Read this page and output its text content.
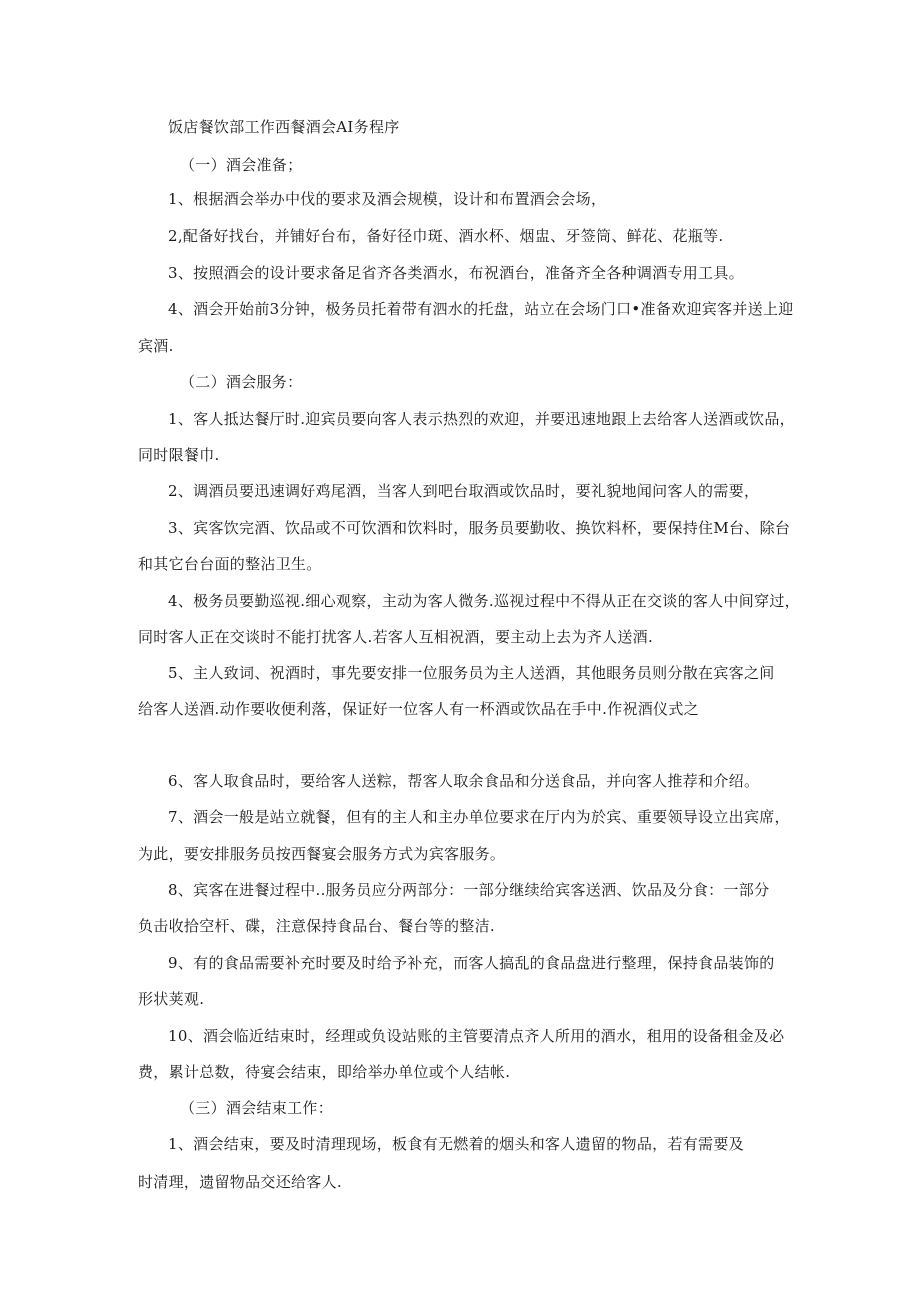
饭店餐饮部工作西餐酒会AI务程序
（一）酒会准备；
1、根据酒会举办中伐的要求及酒会规模，设计和布置酒会会场，
2,配备好找台，并铺好台布，备好径巾斑、酒水杯、烟盅、牙签筒、鲜花、花瓶等.
3、按照酒会的设计要求备足省齐各类酒水，布祝酒台，准备齐全各种调酒专用工具。
4、酒会开始前3分钟，极务员托着带有泗水的托盘，站立在会场门口•准备欢迎宾客并送上迎
宾酒.
（二）酒会服务：
1、客人抵达餐厅时.迎宾员要向客人表示热烈的欢迎，并要迅速地跟上去给客人送酒或饮品，
同时限餐巾.
2、调酒员要迅速调好鸡尾酒，当客人到吧台取酒或饮品时，要礼貌地闻问客人的需要，
3、宾客饮完酒、饮品或不可饮酒和饮料时，服务员要勤收、换饮料杯，要保持住M台、除台
和其它台台面的整沾卫生。
4、极务员要勤巡视.细心观察，主动为客人微务.巡视过程中不得从正在交谈的客人中间穿过，
同时客人正在交谈时不能打扰客人.若客人互相祝酒，要主动上去为齐人送酒.
5、主人致词、祝酒时，事先要安排一位服务员为主人送酒，其他眼务员则分散在宾客之间
给客人送酒.动作要收便利落，保证好一位客人有一杯酒或饮品在手中.作祝酒仪式之
6、客人取食品时，要给客人送粽，帮客人取余食品和分送食品，并向客人推荐和介绍。
7、酒会一般是站立就餐，但有的主人和主办单位要求在厅内为於宾、重要领导设立出宾席，
为此，要安排服务员按西餐宴会服务方式为宾客服务。
8、宾客在进餐过程中..服务员应分两部分：一部分继续给宾客送洒、饮品及分食：一部分
负击收拾空杆、碟，注意保持食品台、餐台等的整洁.
9、有的食品需要补充时要及时给予补充，而客人搞乱的食品盘进行整理，保持食品装饰的
形状荚观.
10、酒会临近结束时，经理或负设站账的主管要清点齐人所用的酒水，租用的设备租金及必
费，累计总数，待宴会结束，即给举办单位或个人结帐.
（三）酒会结束工作：
1、酒会结束，要及时清理现场，板食有无燃着的烟头和客人遗留的物品，若有需要及
时清理，遗留物品交还给客人.
